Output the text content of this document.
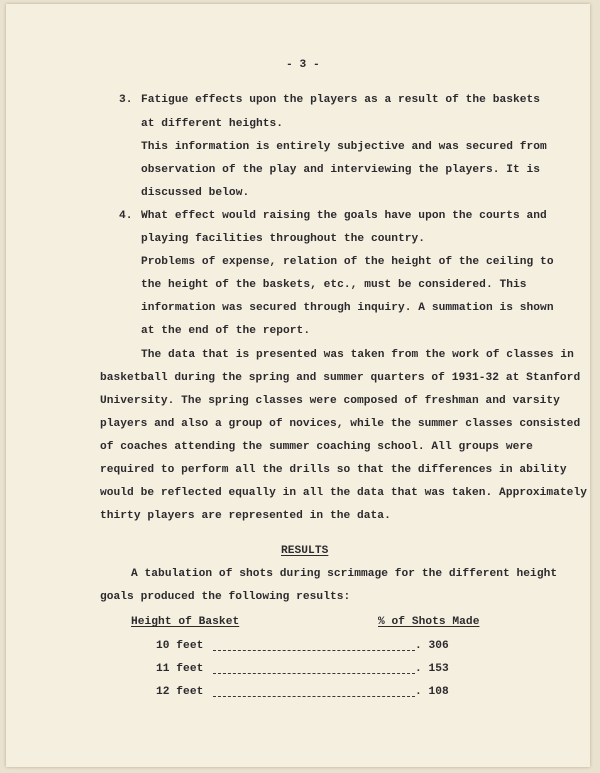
- 3 -
3. Fatigue effects upon the players as a result of the baskets
at different heights.
This information is entirely subjective and was secured from
observation of the play and interviewing the players. It is
discussed below.
4. What effect would raising the goals have upon the courts and
playing facilities throughout the country.
Problems of expense, relation of the height of the ceiling to
the height of the baskets, etc., must be considered. This
information was secured through inquiry. A summation is shown
at the end of the report.
The data that is presented was taken from the work of classes in
basketball during the spring and summer quarters of 1931-32 at Stanford
University. The spring classes were composed of freshman and varsity
players and also a group of novices, while the summer classes consisted
of coaches attending the summer coaching school. All groups were
required to perform all the drills so that the differences in ability
would be reflected equally in all the data that was taken. Approximately
thirty players are represented in the data.
RESULTS
A tabulation of shots during scrimmage for the different height
goals produced the following results:
Height of Basket	% of Shots Made
10 feet	. 306
11 feet	. 153
12 feet	. 108
